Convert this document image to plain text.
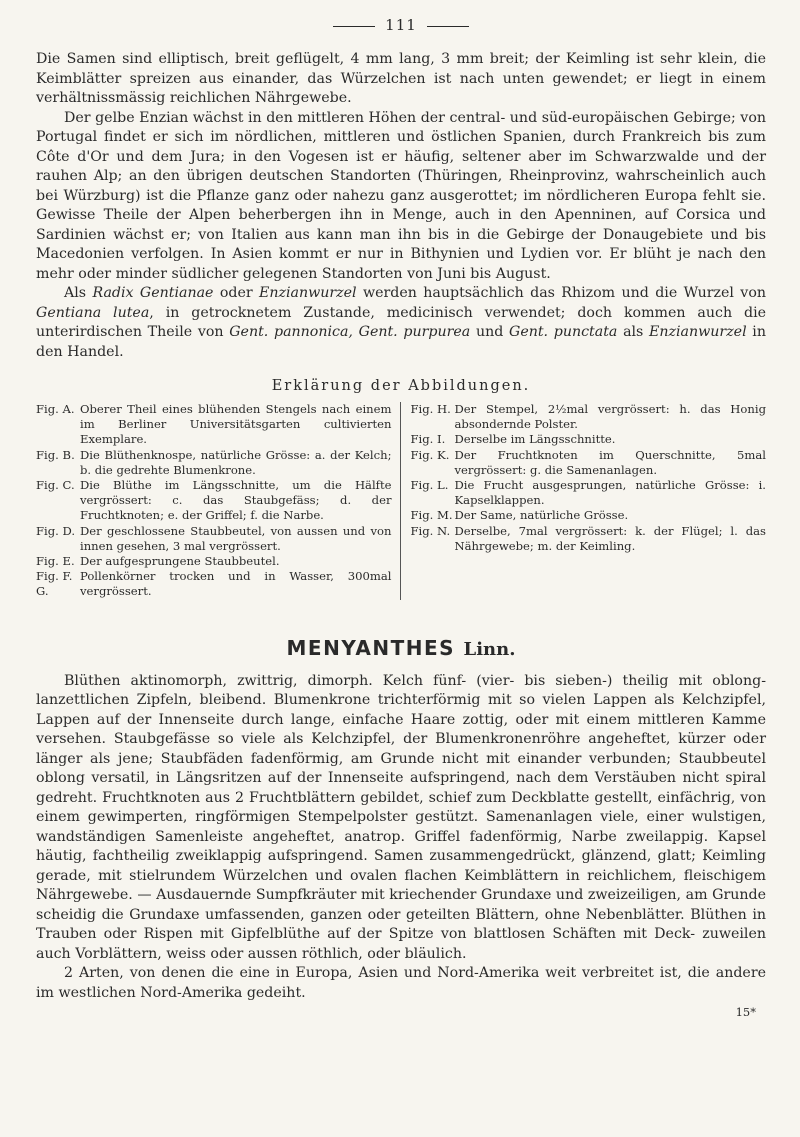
111

Die Samen sind elliptisch, breit geflügelt, 4 mm lang, 3 mm breit; der Keimling ist sehr klein, die Keimblätter spreizen aus einander, das Würzelchen ist nach unten gewendet; er liegt in einem verhältnissmässig reichlichen Nährgewebe.

Der gelbe Enzian wächst in den mittleren Höhen der central- und süd-europäischen Gebirge; von Portugal findet er sich im nördlichen, mittleren und östlichen Spanien, durch Frankreich bis zum Côte d'Or und dem Jura; in den Vogesen ist er häufig, seltener aber im Schwarzwalde und der rauhen Alp; an den übrigen deutschen Standorten (Thüringen, Rheinprovinz, wahrscheinlich auch bei Würzburg) ist die Pflanze ganz oder nahezu ganz ausgerottet; im nördlicheren Europa fehlt sie. Gewisse Theile der Alpen beherbergen ihn in Menge, auch in den Apenninen, auf Corsica und Sardinien wächst er; von Italien aus kann man ihn bis in die Gebirge der Donaugebiete und bis Macedonien verfolgen. In Asien kommt er nur in Bithynien und Lydien vor. Er blüht je nach den mehr oder minder südlicher gelegenen Standorten von Juni bis August.

Als Radix Gentianae oder Enzianwurzel werden hauptsächlich das Rhizom und die Wurzel von Gentiana lutea, in getrocknetem Zustande, medicinisch verwendet; doch kommen auch die unterirdischen Theile von Gent. pannonica, Gent. purpurea und Gent. punctata als Enzianwurzel in den Handel.

Erklärung der Abbildungen.
Fig. A. Oberer Theil eines blühenden Stengels nach einem im Berliner Universitätsgarten cultivierten Exemplare.
Fig. B. Die Blüthenknospe, natürliche Grösse: a. der Kelch; b. die gedrehte Blumenkrone.
Fig. C. Die Blüthe im Längsschnitte, um die Hälfte vergrössert: c. das Staubgefäss; d. der Fruchtknoten; e. der Griffel; f. die Narbe.
Fig. D. Der geschlossene Staubbeutel, von aussen und von innen gesehen, 3 mal vergrössert.
Fig. E. Der aufgesprungene Staubbeutel.
Fig. F. G.
Pollenkörner trocken und in Wasser, 300mal vergrössert.
Fig. H. Der Stempel, 2½mal vergrössert: h. das Honig absondernde Polster.
Fig. I. Derselbe im Längsschnitte.
Fig. K. Der Fruchtknoten im Querschnitte, 5mal vergrössert: g. die Samenanlagen.
Fig. L. Die Frucht ausgesprungen, natürliche Grösse: i. Kapselklappen.
Fig. M. Der Same, natürliche Grösse.
Fig. N. Derselbe, 7mal vergrössert: k. der Flügel; l. das Nährgewebe; m. der Keimling.
MENYANTHES Linn.

Blüthen aktinomorph, zwittrig, dimorph. Kelch fünf- (vier- bis sieben-) theilig mit oblong-lanzettlichen Zipfeln, bleibend. Blumenkrone trichterförmig mit so vielen Lappen als Kelchzipfel, Lappen auf der Innenseite durch lange, einfache Haare zottig, oder mit einem mittleren Kamme versehen. Staubgefässe so viele als Kelchzipfel, der Blumenkronenröhre angeheftet, kürzer oder länger als jene; Staubfäden fadenförmig, am Grunde nicht mit einander verbunden; Staubbeutel oblong versatil, in Längsritzen auf der Innenseite aufspringend, nach dem Verstäuben nicht spiral gedreht. Fruchtknoten aus 2 Fruchtblättern gebildet, schief zum Deckblatte gestellt, einfächrig, von einem gewimperten, ringförmigen Stempelpolster gestützt. Samenanlagen viele, einer wulstigen, wandständigen Samenleiste angeheftet, anatrop. Griffel fadenförmig, Narbe zweilappig. Kapsel häutig, fachtheilig zweiklappig aufspringend. Samen zusammengedrückt, glänzend, glatt; Keimling gerade, mit stielrundem Würzelchen und ovalen flachen Keimblättern in reichlichem, fleischigem Nährgewebe. — Ausdauernde Sumpfkräuter mit kriechender Grundaxe und zweizeiligen, am Grunde scheidig die Grundaxe umfassenden, ganzen oder geteilten Blättern, ohne Nebenblätter. Blüthen in Trauben oder Rispen mit Gipfelblüthe auf der Spitze von blattlosen Schäften mit Deck- zuweilen auch Vorblättern, weiss oder aussen röthlich, oder bläulich.

2 Arten, von denen die eine in Europa, Asien und Nord-Amerika weit verbreitet ist, die andere im westlichen Nord-Amerika gedeiht.

15*
